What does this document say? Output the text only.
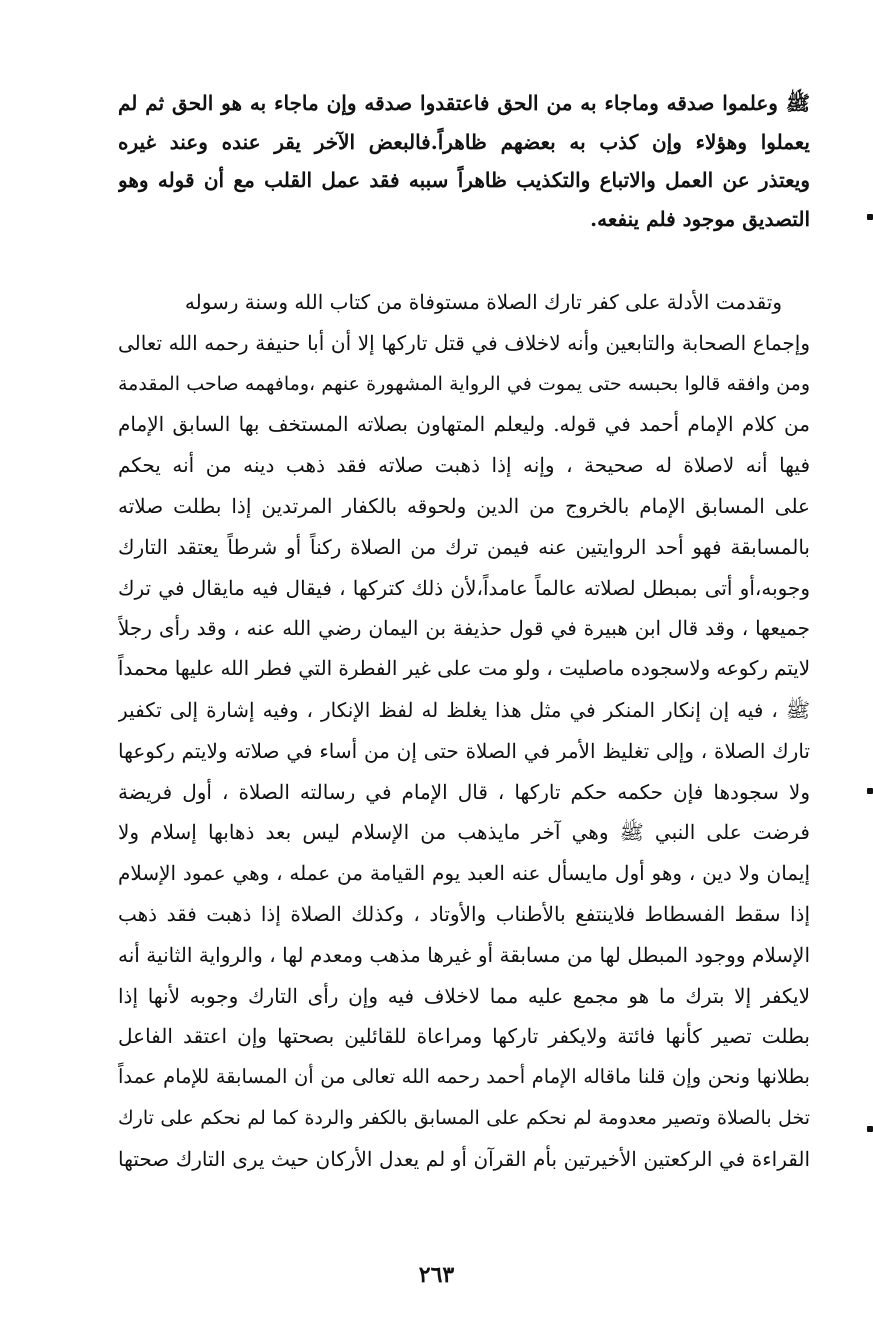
ﷺ وعلموا صدقه وماجاء به من الحق فاعتقدوا صدقه وإن ماجاء به هو الحق ثم لم
يعملوا وهؤلاء وإن كذب به بعضهم ظاهراً.فالبعض الآخر يقر عنده وعند غيره
ويعتذر عن العمل والاتباع والتكذيب ظاهراً سببه فقد عمل القلب مع أن قوله وهو
التصديق موجود فلم ينفعه.
وتقدمت الأدلة على كفر تارك الصلاة مستوفاة من كتاب الله وسنة رسوله
وإجماع الصحابة والتابعين وأنه لاخلاف في قتل تاركها إلا أن أبا حنيفة رحمه الله تعالى
ومن وافقه قالوا بحبسه حتى يموت في الرواية المشهورة عنهم ،ومافهمه صاحب المقدمة
من كلام الإمام أحمد في قوله. وليعلم المتهاون بصلاته المستخف بها السابق الإمام
فيها أنه لاصلاة له صحيحة ، وإنه إذا ذهبت صلاته فقد ذهب دينه من أنه يحكم
على المسابق الإمام بالخروج من الدين ولحوقه بالكفار المرتدين إذا بطلت صلاته
بالمسابقة فهو أحد الروايتين عنه فيمن ترك من الصلاة ركناً أو شرطاً يعتقد التارك
وجوبه،أو أتى بمبطل لصلاته عالماً عامداً،لأن ذلك كتركها ، فيقال فيه مايقال في ترك
جميعها ، وقد قال ابن هبيرة في قول حذيفة بن اليمان رضي الله عنه ، وقد رأى رجلاً
لايتم ركوعه ولاسجوده ماصليت ، ولو مت على غير الفطرة التي فطر الله عليها محمداً
ﷺ ، فيه إن إنكار المنكر في مثل هذا يغلظ له لفظ الإنكار ، وفيه إشارة إلى تكفير
تارك الصلاة ، وإلى تغليظ الأمر في الصلاة حتى إن من أساء في صلاته ولايتم ركوعها
ولا سجودها فإن حكمه حكم تاركها ، قال الإمام في رسالته الصلاة ، أول فريضة
فرضت على النبي ﷺ وهي آخر مايذهب من الإسلام ليس بعد ذهابها إسلام ولا
إيمان ولا دين ، وهو أول مايسأل عنه العبد يوم القيامة من عمله ، وهي عمود الإسلام
إذا سقط الفسطاط فلاينتفع بالأطناب والأوتاد ، وكذلك الصلاة إذا ذهبت فقد ذهب
الإسلام ووجود المبطل لها من مسابقة أو غيرها مذهب ومعدم لها ، والرواية الثانية أنه
لايكفر إلا بترك ما هو مجمع عليه مما لاخلاف فيه وإن رأى التارك وجوبه لأنها إذا
بطلت تصير كأنها فائتة ولايكفر تاركها ومراعاة للقائلين بصحتها وإن اعتقد الفاعل
بطلانها ونحن وإن قلنا ماقاله الإمام أحمد رحمه الله تعالى من أن المسابقة للإمام عمداً
تخل بالصلاة وتصير معدومة لم نحكم على المسابق بالكفر والردة كما لم نحكم على تارك
القراءة في الركعتين الأخيرتين بأم القرآن أو لم يعدل الأركان حيث يرى التارك صحتها
٢٦٣
